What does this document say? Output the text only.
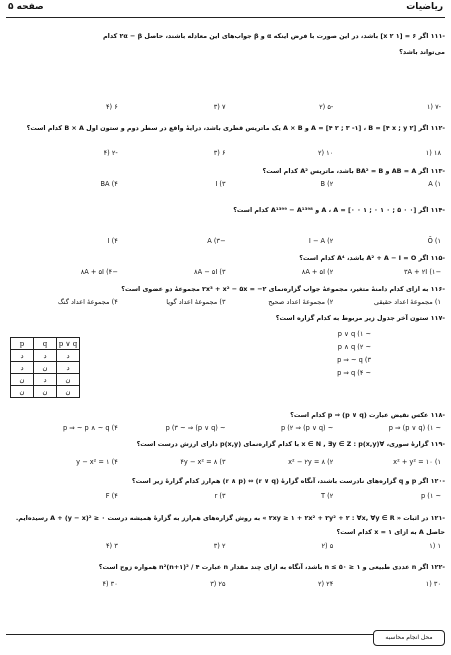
ریاضیات
صفحه ۵
-۱۱۱ اگر ۶ = [۱ ۲ x] باشد، در این صورت با فرض اینکه α و β جواب‌های این معادله باشند، حاصل ۲α − β کدام
می‌تواند باشد؟
-۷ (۱
-۵ (۲
۷ (۳
۶ (۴
-۱۱۲ اگر A = [۴ ۲ ; ۳ -۱] ، B = [۴ x ; y ۲] و A × B یک ماتریس قطری باشد، درایهٔ واقع در سطر دوم و ستون اول B × A کدام است؟
۱۸ (۱
۱۰ (۲
۶ (۳
-۲ (۴
-۱۱۳ اگر AB = A و BA² = B باشد، ماتریس A² کدام است؟
A (۱
B (۲
I (۳
BA (۴
-۱۱۴ اگر A ، A = [۰ ۰ ۱ ; ۰ ۱ ۰ ; ۵ ۰ ۰] و A¹³⁹⁹ − A¹³⁹⁸ کدام است؟
Ō (۱
I − A (۲
−A (۳
I (۴
-۱۱۵ اگر A² + A − I = O باشد، A⁴ کدام است؟
−۳A + ۲I (۱
۸A + ۵I (۲
۸A − ۵I (۳
−۸A + ۵I (۴
-۱۱۶ به ازای کدام دامنهٔ متغیر، مجموعهٔ جواب گزاره‌نمای ۲x³ + x² − ۵x = −۲ مجموعهٔ دو عضوی است؟
۱) مجموعهٔ اعداد حقیقی
۲) مجموعهٔ اعداد صحیح
۳) مجموعهٔ اعداد گویا
۴) مجموعهٔ اعداد گنگ
-۱۱۷ ستون آخر جدول زیر مربوط به کدام گزاره است؟
~ p ∨ q (۱
~ p ∧ q (۲
p ⇒ ~ q (۳
~ p ⇒ q (۴
p	q	p ∨ q
د	د	د
د	ن	د
ن	د	ن
ن	ن	ن
-۱۱۸ عکس نقیض عبارت p ⇒ (p ∨ q) کدام است؟
~ p ⇒ (p ∨ q) (۱
~ (p ∨ q) ⇒ p (۲
~ (p ∨ q) ⇒ ~ p (۳
p ⇒ ~ p ∧ ~ q (۴
-۱۱۹ گزارهٔ سوری، ∀x ∈ N , ∃y ∈ Z : p(x,y) با کدام گزاره‌نمای p(x,y) دارای ارزش درست است؟
x² + y² = ۱۰ (۱
x² − ۲y = ۸ (۲
۴y − x² = ۸ (۳
y − x² = ۱ (۴
-۱۲۰ اگر p و q گزاره‌های نادرست باشند، آنگاه گزارهٔ (r ∨ q) ⇔ (r ∧ p) هم‌ارز کدام گزارهٔ زیر است؟
~ p (۱
T (۲
r (۳
F (۴
-۱۲۱ در اثبات « ۲xy ≥ ۱ + ۲x² + ۲y² + ۲ : ∀x, ∀y ∈ R » به روش گزاره‌های هم‌ارز به گزارهٔ همیشه درست A + (y − x)² ≥ ۰ رسیده‌ایم.
حاصل A به ازای x = ۱ کدام است؟
۱ (۱
۵ (۲
۲ (۳
۳ (۴
-۱۲۲ اگر n عددی طبیعی و ۱ ≤ n ≤ ۵۰ باشد، آنگاه به ازای چند مقدار n عبارت n²(n+۱)² / ۴ همواره زوج است؟
۳۰ (۱
۲۴ (۲
۲۵ (۳
۳۰ (۴
محل انجام محاسبه
